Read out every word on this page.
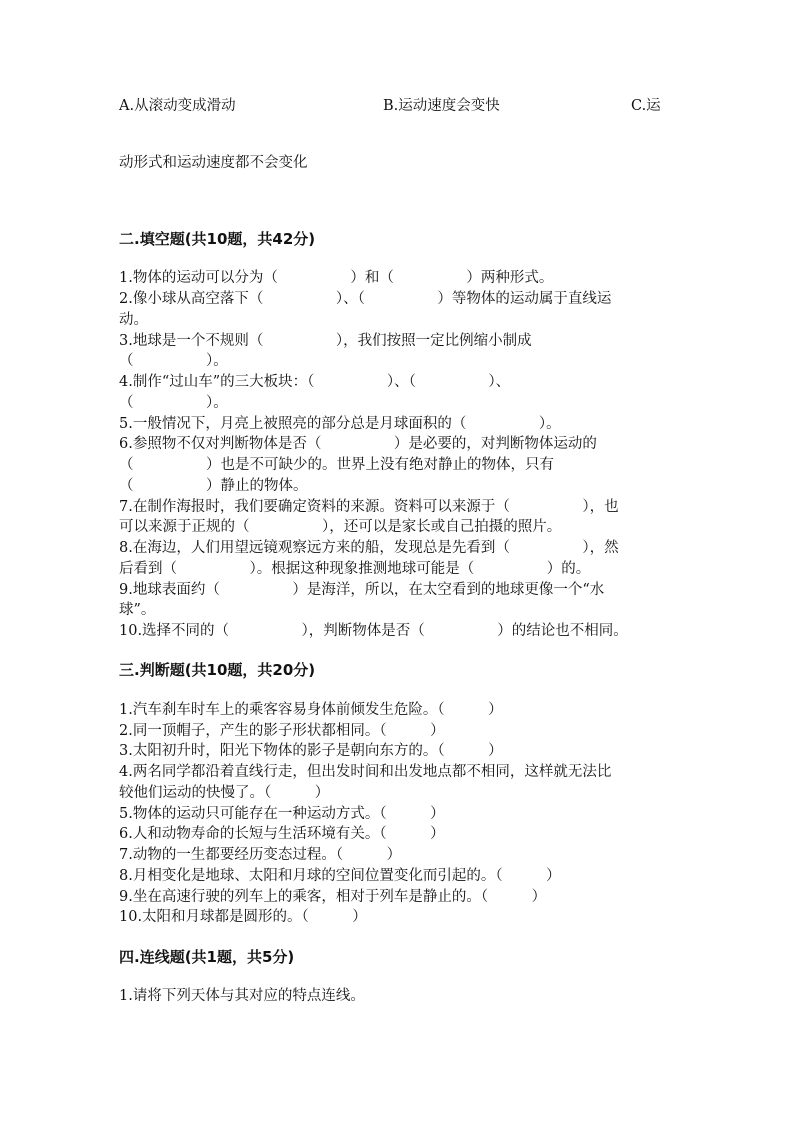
A.从滚动变成滑动	B.运动速度会变快	C.运
动形式和运动速度都不会变化
二.填空题(共10题，共42分)
1.物体的运动可以分为（　　　　　）和（　　　　　）两种形式。
2.像小球从高空落下（　　　　　）、（　　　　　）等物体的运动属于直线运
动。
3.地球是一个不规则（　　　　　），我们按照一定比例缩小制成
（　　　　　）。
4.制作“过山车”的三大板块：（　　　　　）、（　　　　　）、
（　　　　　）。
5.一般情况下，月亮上被照亮的部分总是月球面积的（　　　　　）。
6.参照物不仅对判断物体是否（　　　　　）是必要的，对判断物体运动的
（　　　　　）也是不可缺少的。世界上没有绝对静止的物体，只有
（　　　　　）静止的物体。
7.在制作海报时，我们要确定资料的来源。资料可以来源于（　　　　　），也
可以来源于正规的（　　　　　），还可以是家长或自己拍摄的照片。
8.在海边，人们用望远镜观察远方来的船，发现总是先看到（　　　　　），然
后看到（　　　　　）。根据这种现象推测地球可能是（　　　　　）的。
9.地球表面约（　　　　　）是海洋，所以，在太空看到的地球更像一个“水
球”。
10.选择不同的（　　　　　），判断物体是否（　　　　　）的结论也不相同。
三.判断题(共10题，共20分)
1.汽车刹车时车上的乘客容易身体前倾发生危险。（　　　）
2.同一顶帽子，产生的影子形状都相同。（　　　）
3.太阳初升时，阳光下物体的影子是朝向东方的。（　　　）
4.两名同学都沿着直线行走，但出发时间和出发地点都不相同，这样就无法比
较他们运动的快慢了。（　　　）
5.物体的运动只可能存在一种运动方式。（　　　）
6.人和动物寿命的长短与生活环境有关。（　　　）
7.动物的一生都要经历变态过程。（　　　）
8.月相变化是地球、太阳和月球的空间位置变化而引起的。（　　　）
9.坐在高速行驶的列车上的乘客，相对于列车是静止的。（　　　）
10.太阳和月球都是圆形的。（　　　）
四.连线题(共1题，共5分)
1.请将下列天体与其对应的特点连线。
